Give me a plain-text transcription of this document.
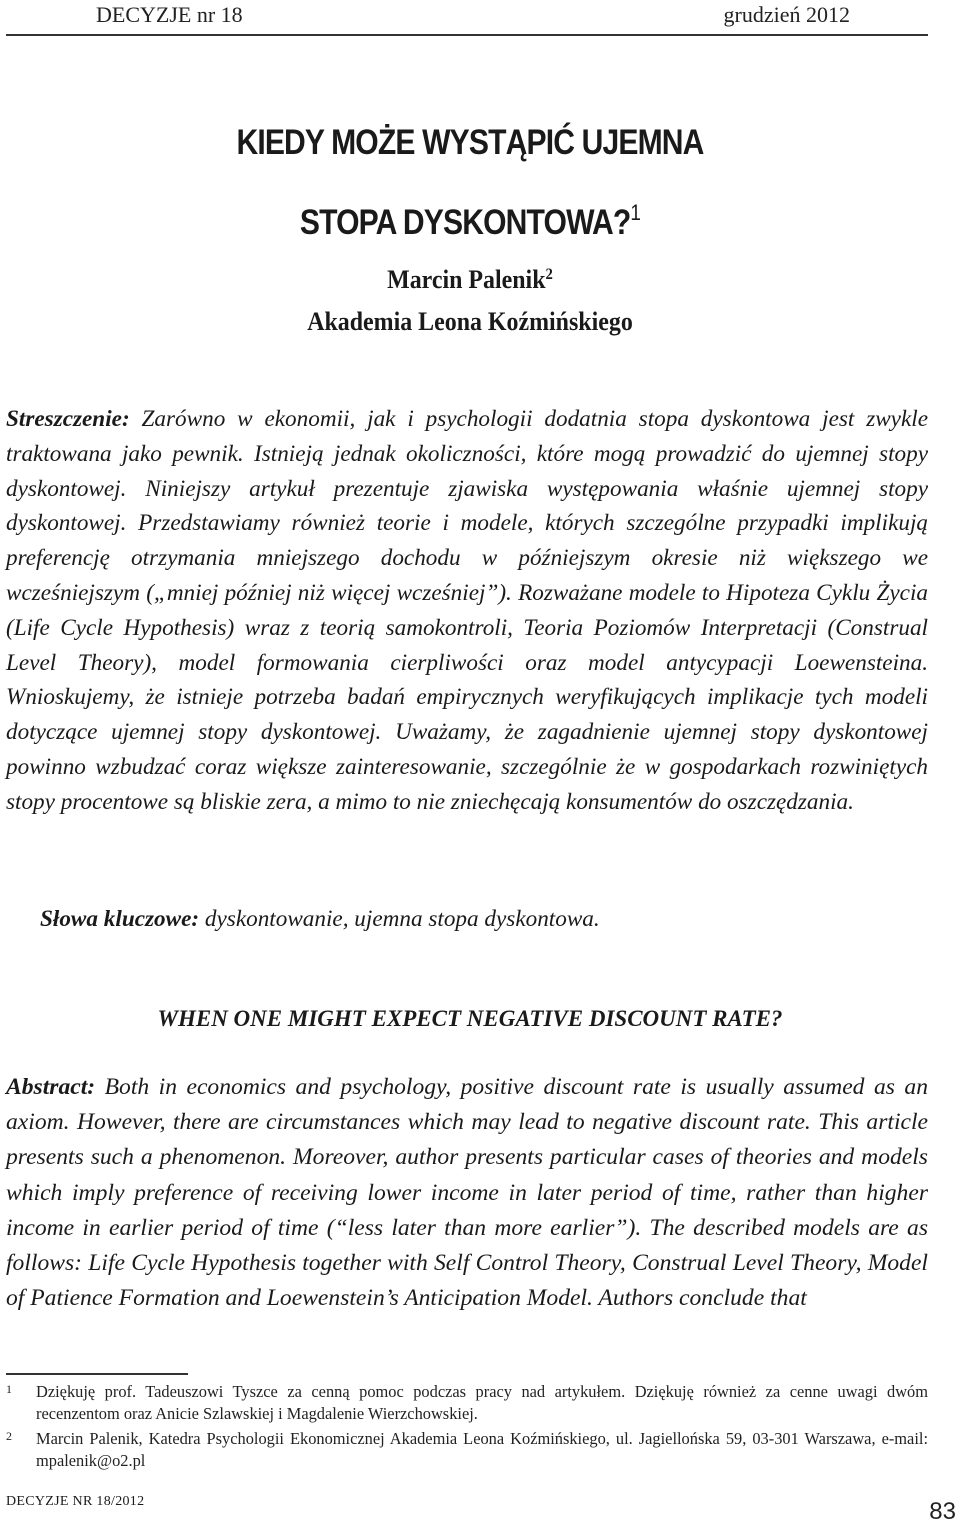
DECYZJE nr 18	grudzień 2012
KIEDY MOŻE WYSTĄPIĆ UJEMNA
STOPA DYSKONTOWA?$^1$
Marcin Palenik$^2$
Akademia Leona Koźmińskiego
Streszczenie: Zarówno w ekonomii, jak i psychologii dodatnia stopa dyskontowa jest zwykle traktowana jako pewnik. Istnieją jednak okoliczności, które mogą prowadzić do ujemnej stopy dyskontowej. Niniejszy artykuł prezentuje zjawiska występowania właśnie ujemnej stopy dyskontowej. Przedstawiamy również teorie i modele, których szczególne przypadki implikują preferencję otrzymania mniejszego dochodu w późniejszym okresie niż większego we wcześniejszym („mniej później niż więcej wcześniej”). Rozważane modele to Hipoteza Cyklu Życia (Life Cycle Hypothesis) wraz z teorią samokontroli, Teoria Poziomów Interpretacji (Construal Level Theory), model formowania cierpliwości oraz model antycypacji Loewensteina. Wnioskujemy, że istnieje potrzeba badań empirycznych weryfikujących implikacje tych modeli dotyczące ujemnej stopy dyskontowej. Uważamy, że zagadnienie ujemnej stopy dyskontowej powinno wzbudzać coraz większe zainteresowanie, szczególnie że w gospodarkach rozwiniętych stopy procentowe są bliskie zera, a mimo to nie zniechęcają konsumentów do oszczędzania.
Słowa kluczowe: dyskontowanie, ujemna stopa dyskontowa.
WHEN ONE MIGHT EXPECT NEGATIVE DISCOUNT RATE?
Abstract: Both in economics and psychology, positive discount rate is usually assumed as an axiom. However, there are circumstances which may lead to negative discount rate. This article presents such a phenomenon. Moreover, author presents particular cases of theories and models which imply preference of receiving lower income in later period of time, rather than higher income in earlier period of time (“less later than more earlier”). The described models are as follows: Life Cycle Hypothesis together with Self Control Theory, Construal Level Theory, Model of Patience Formation and Loewenstein’s Anticipation Model. Authors conclude that
1 Dziękuję prof. Tadeuszowi Tyszce za cenną pomoc podczas pracy nad artykułem. Dziękuję również za cenne uwagi dwóm recenzentom oraz Anicie Szlawskiej i Magdalenie Wierzchowskiej.
2 Marcin Palenik, Katedra Psychologii Ekonomicznej Akademia Leona Koźmińskiego, ul. Jagiellońska 59, 03-301 Warszawa, e-mail: mpalenik@o2.pl
DECYZJE NR 18/2012	83
